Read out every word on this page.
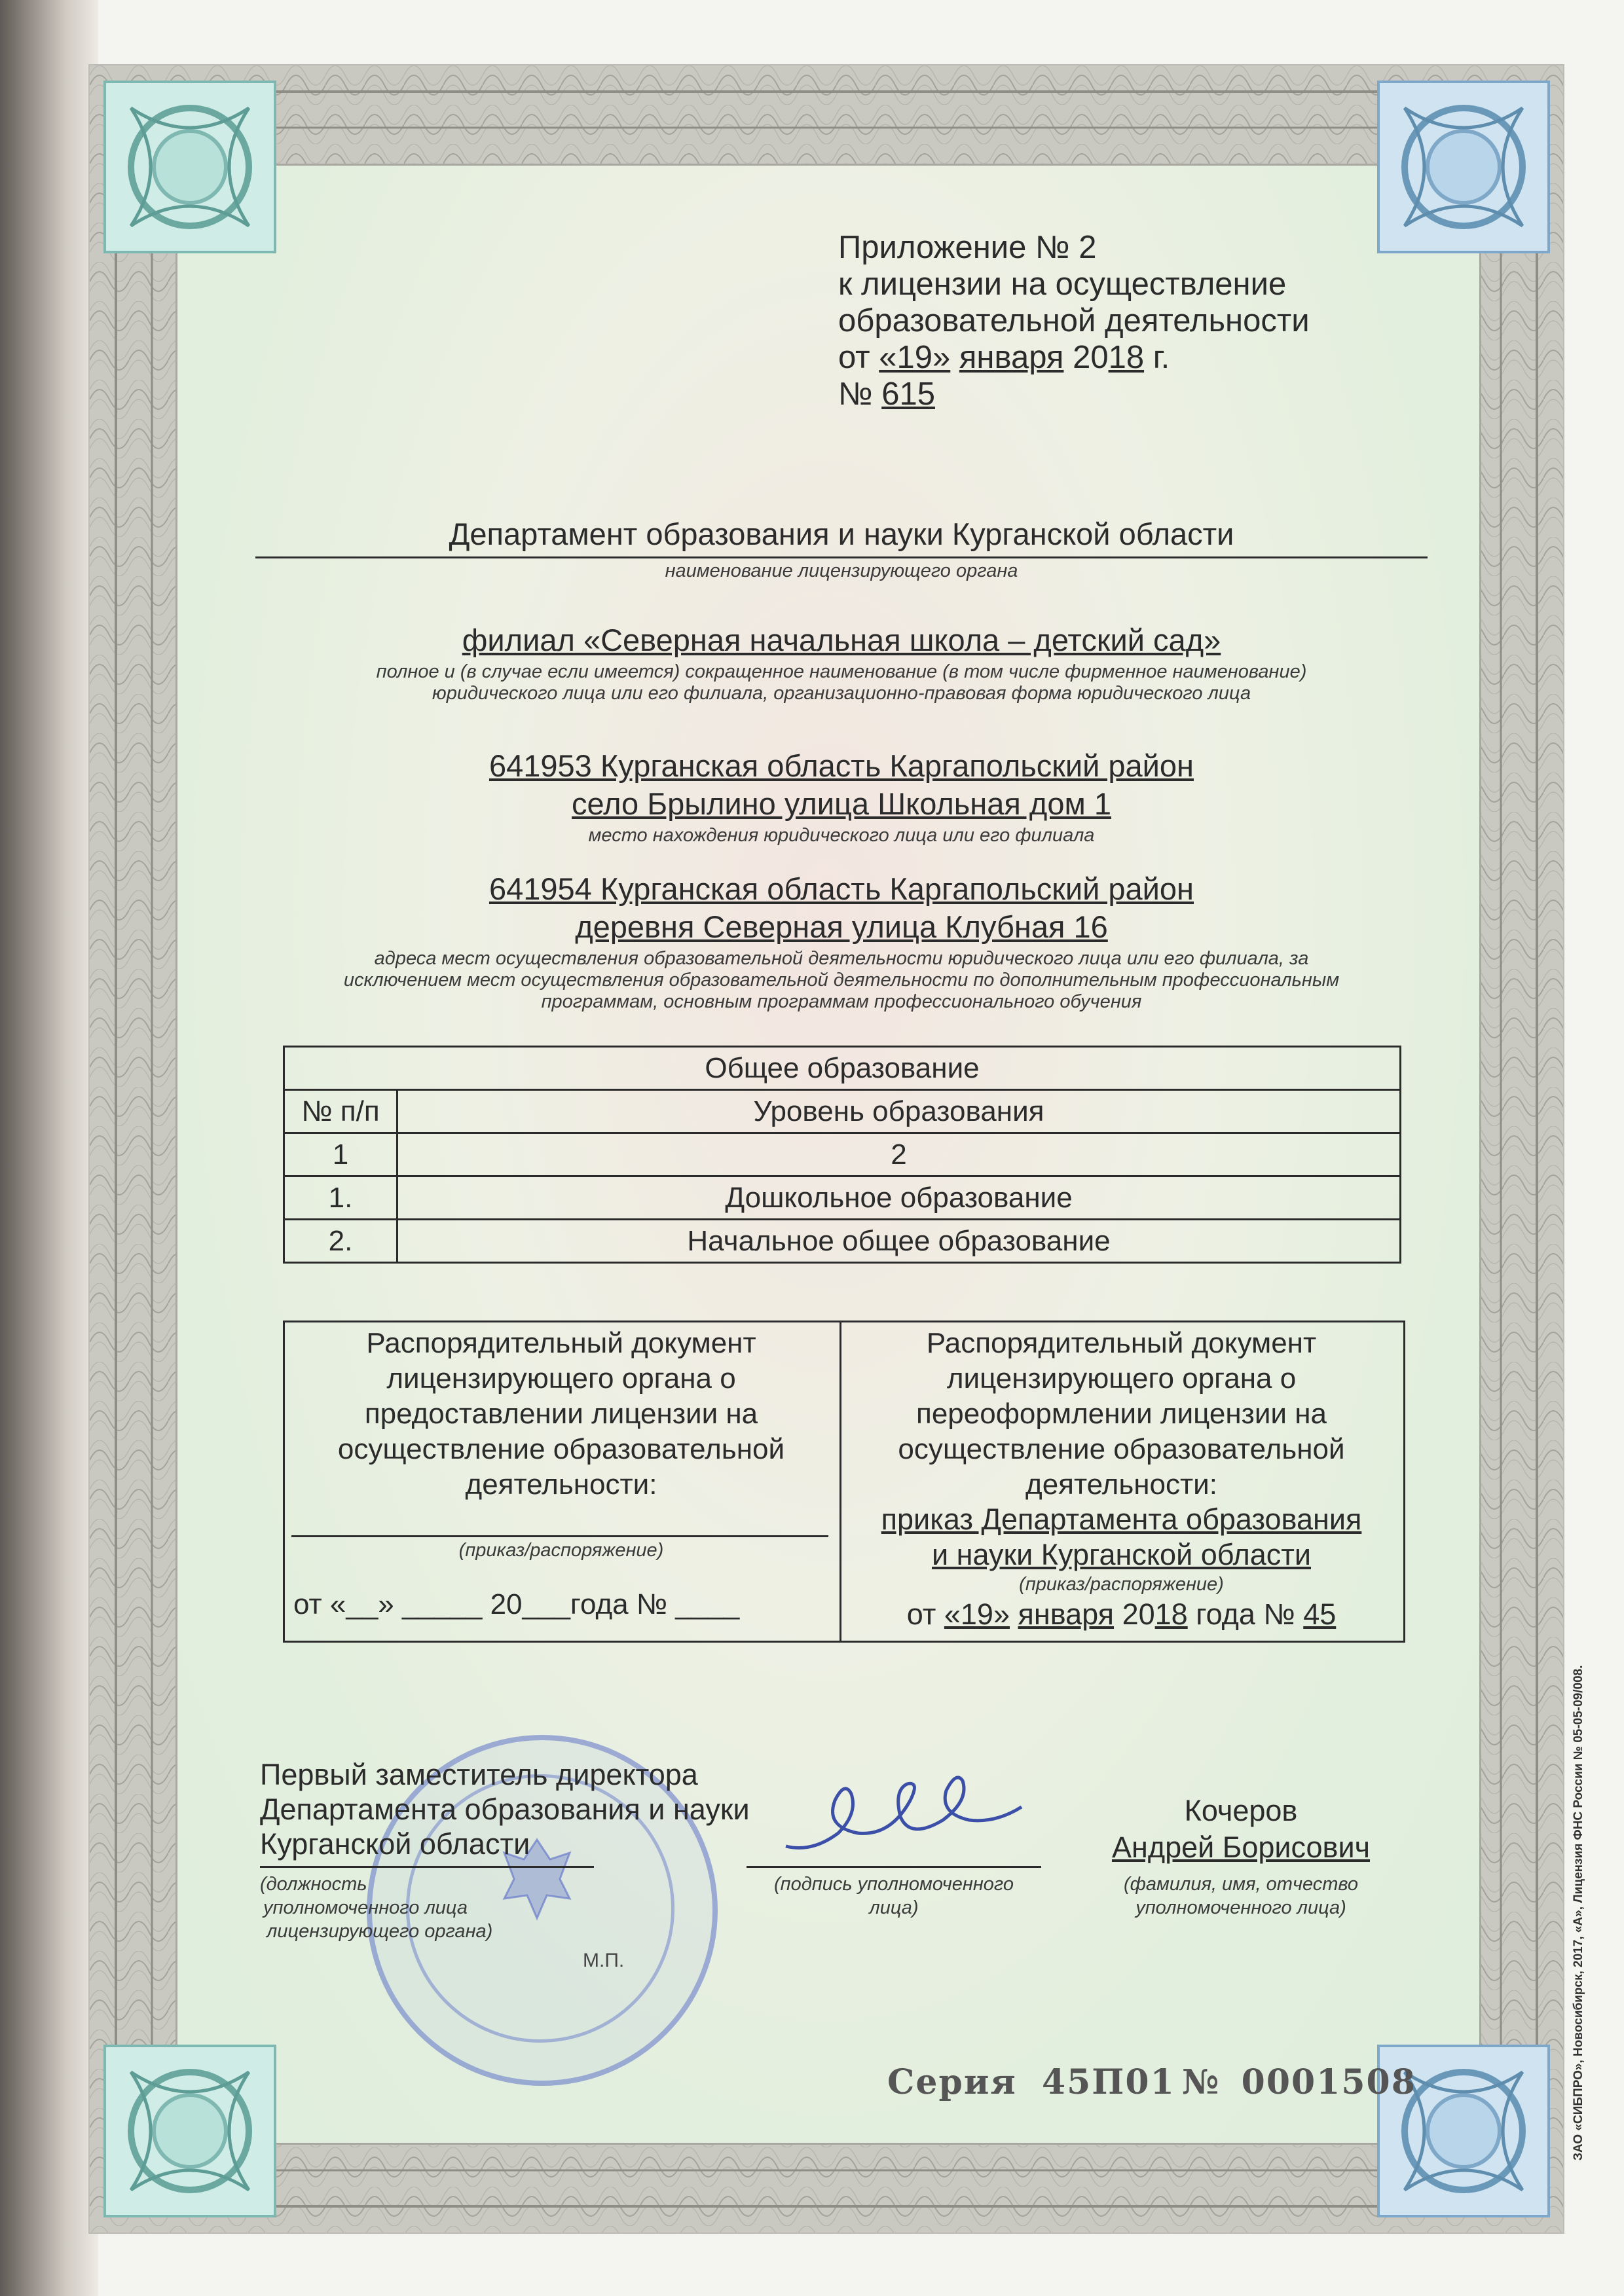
Приложение № 2
к лицензии на осуществление
образовательной деятельности
от «19» января 2018 г.
№ 615
Департамент образования и науки Курганской области
наименование лицензирующего органа
филиал «Северная начальная школа – детский сад»
полное и (в случае если имеется) сокращенное наименование (в том числе фирменное наименование)
юридического лица или его филиала, организационно-правовая форма юридического лица
641953 Курганская область Каргапольский район
село Брылино улица Школьная дом 1
место нахождения юридического лица или его филиала
641954 Курганская область Каргапольский район
деревня Северная улица Клубная 16
адреса мест осуществления образовательной деятельности юридического лица или его филиала, за
исключением мест осуществления образовательной деятельности по дополнительным профессиональным
программам, основным программам профессионального обучения
Общее образование	
№ п/п	Уровень образования
1	2
1.	Дошкольное образование
2.	Начальное общее образование
Распорядительный документ
лицензирующего органа о
предоставлении лицензии на
осуществление образовательной
деятельности:
(приказ/распоряжение)
от «__» _____ 20___года № ____
Распорядительный документ
лицензирующего органа о
переоформлении лицензии на
осуществление образовательной
деятельности:
приказ Департамента образования
и науки Курганской области
(приказ/распоряжение)
от «19» января 2018 года № 45
Первый заместитель директора
Департамента образования и науки
Курганской области
(должность
уполномоченного лица
лицензирующего органа)
М.П.
(подпись уполномоченного
лица)
Кочеров
Андрей Борисович
(фамилия, имя, отчество
уполномоченного лица)
Серия 45П01 № 0001508	ЗАО «СИБПРО», Новосибирск, 2017, «А», Лицензия ФНС России № 05-05-09/008.
